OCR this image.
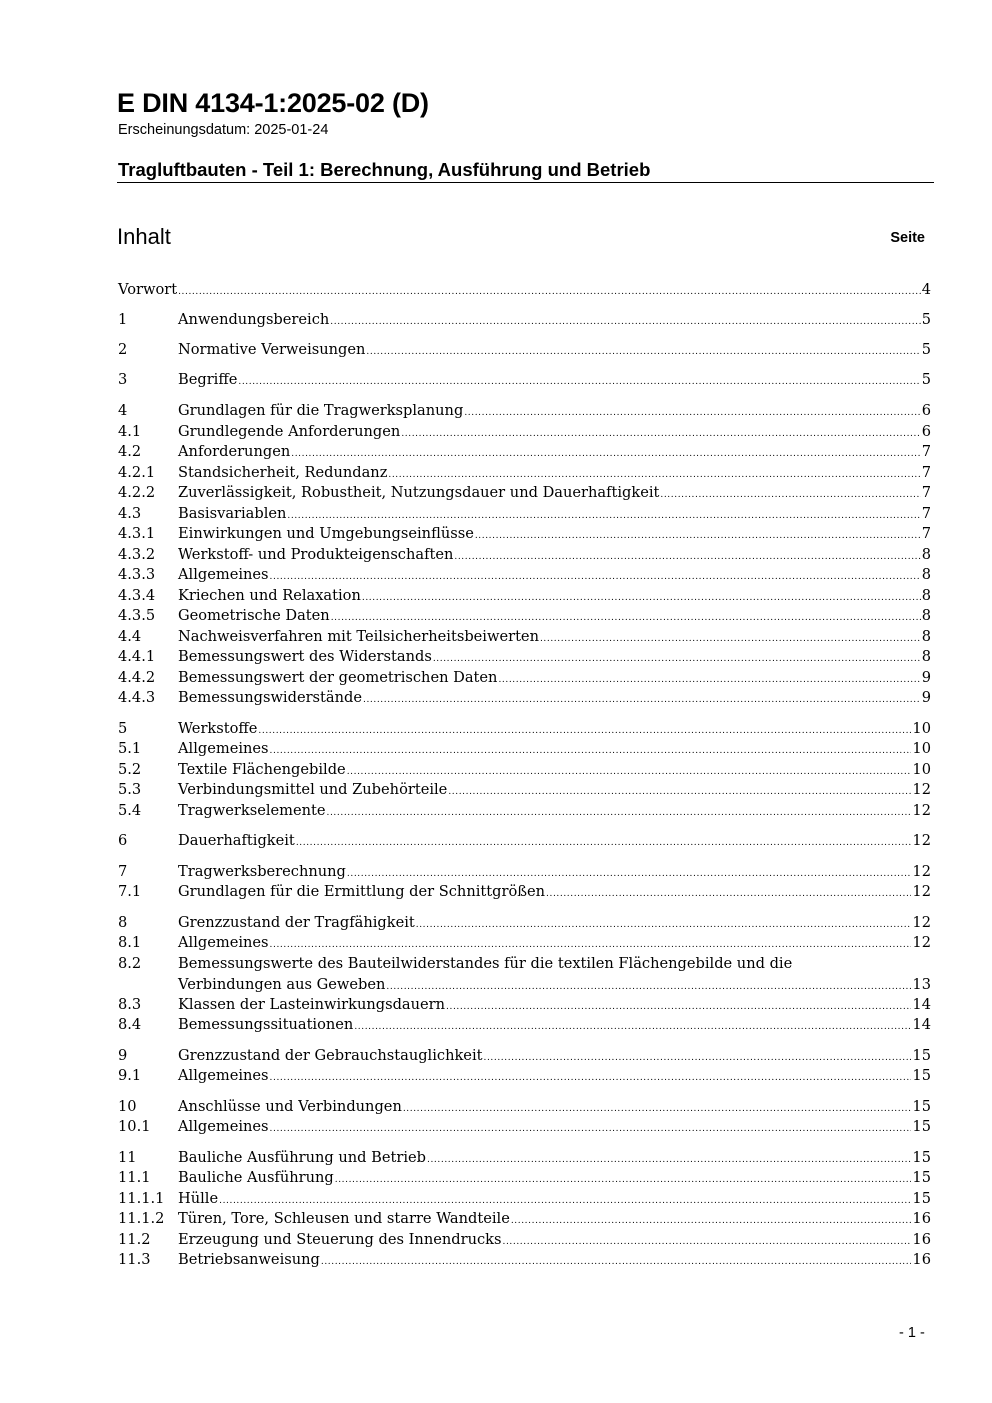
E DIN 4134-1:2025-02 (D)
Erscheinungsdatum: 2025-01-24
Tragluftbauten - Teil 1: Berechnung, Ausführung und Betrieb
Inhalt	Seite
Vorwort .....	4
1	Anwendungsbereich .....	5
2	Normative Verweisungen .....	5
3	Begriffe .....	5
4	Grundlagen für die Tragwerksplanung .....	6
4.1	Grundlegende Anforderungen .....	6
4.2	Anforderungen .....	7
4.2.1	Standsicherheit, Redundanz .....	7
4.2.2	Zuverlässigkeit, Robustheit, Nutzungsdauer und Dauerhaftigkeit .....	7
4.3	Basisvariablen .....	7
4.3.1	Einwirkungen und Umgebungseinflüsse .....	7
4.3.2	Werkstoff- und Produkteigenschaften .....	8
4.3.3	Allgemeines .....	8
4.3.4	Kriechen und Relaxation .....	8
4.3.5	Geometrische Daten .....	8
4.4	Nachweisverfahren mit Teilsicherheitsbeiwerten .....	8
4.4.1	Bemessungswert des Widerstands .....	8
4.4.2	Bemessungswert der geometrischen Daten .....	9
4.4.3	Bemessungswiderstände .....	9
5	Werkstoffe .....	10
5.1	Allgemeines .....	10
5.2	Textile Flächengebilde .....	10
5.3	Verbindungsmittel und Zubehörteile .....	12
5.4	Tragwerkselemente .....	12
6	Dauerhaftigkeit .....	12
7	Tragwerksberechnung .....	12
7.1	Grundlagen für die Ermittlung der Schnittgrößen .....	12
8	Grenzzustand der Tragfähigkeit .....	12
8.1	Allgemeines .....	12
8.2	Bemessungswerte des Bauteilwiderstandes für die textilen Flächengebilde und die
Verbindungen aus Geweben .....	13
8.3	Klassen der Lasteinwirkungsdauern .....	14
8.4	Bemessungssituationen .....	14
9	Grenzzustand der Gebrauchstauglichkeit .....	15
9.1	Allgemeines .....	15
10	Anschlüsse und Verbindungen .....	15
10.1	Allgemeines .....	15
11	Bauliche Ausführung und Betrieb .....	15
11.1	Bauliche Ausführung .....	15
11.1.1 Hülle .....	15
11.1.2 Türen, Tore, Schleusen und starre Wandteile .....	16
11.2	Erzeugung und Steuerung des Innendrucks .....	16
11.3	Betriebsanweisung .....	16
- 1 -
